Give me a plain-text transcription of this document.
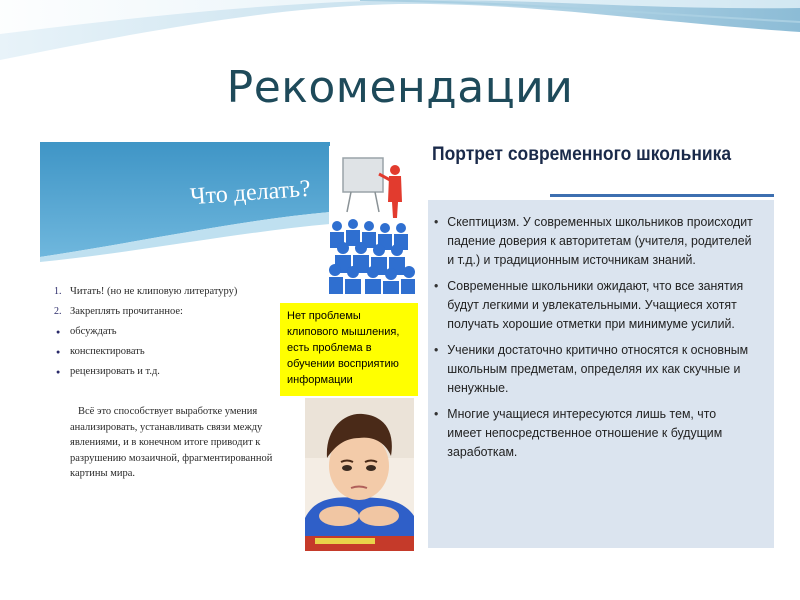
Рекомендации
Что делать?
1. Читать! (но не клиповую литературу)
2. Закреплять прочитанное:
● обсуждать
● конспектировать
● рецензировать и т.д.
Всё это способствует выработке умения анализировать, устанавливать связи между явлениями, и в конечном итоге приводит к разрушению мозаичной, фрагментированной картины мира.
Нет проблемы клипового мышления, есть проблема в обучении восприятию информации
Портрет современного школьника
• Скептицизм. У современных школьников происходит падение доверия к авторитетам (учителя, родителей и т.д.) и традиционным источникам знаний.
• Современные школьники ожидают, что все занятия будут легкими и увлекательными. Учащиеся хотят получать хорошие отметки при минимуме усилий.
• Ученики достаточно критично относятся к основным школьным предметам, определяя их как скучные и ненужные.
• Многие учащиеся интересуются лишь тем, что имеет непосредственное отношение к будущим заработкам.
